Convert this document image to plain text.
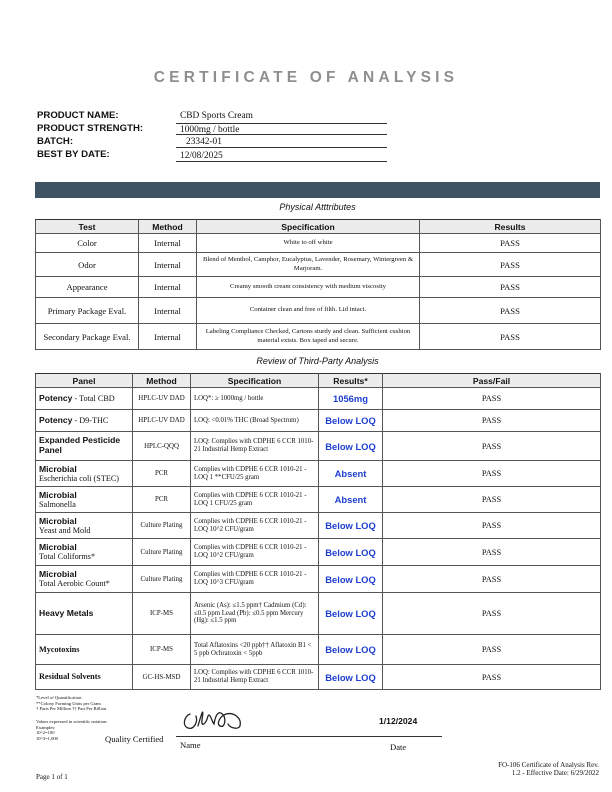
CERTIFICATE OF ANALYSIS
PRODUCT NAME:	CBD Sports Cream
PRODUCT STRENGTH:	1000mg / bottle
BATCH:	23342-01
BEST BY DATE:	12/08/2025
Physical Atttributes
Test	Method	Specification	Results
Color	Internal	White to off white	PASS
Odor	Internal	Blend of Menthol, Camphor, Eucalyptus, Lavender, Rosemary, Wintergreen & Marjoram.	PASS
Appearance	Internal	Creamy smooth cream consistency with medium viscosity	PASS
Primary Package Eval.	Internal	Container clean and free of filth. Lid intact.	PASS
Secondary Package Eval.	Internal	Labeling Compliance Checked, Cartons sturdy and clean. Sufficient cushion material exists. Box taped and secure.	PASS
Review of Third-Party Analysis
Panel	Method	Specification	Results*	Pass/Fail
Potency - Total CBD	HPLC-UV DAD	LOQ*: ≥ 1000mg / bottle	1056mg	PASS
Potency - D9-THC	HPLC-UV DAD	LOQ: <0.01% THC (Broad Spectrum)	Below LOQ	PASS
Expanded Pesticide Panel	HPLC-QQQ	LOQ: Complies with CDPHE 6 CCR 1010-21 Industrial Hemp Extract	Below LOQ	PASS

Microbial
Escherichia coli (STEC)	PCR	Complies with CDPHE 6 CCR 1010-21 - LOQ 1 **CFU/25 gram	Absent	PASS

Microbial
Salmonella	PCR	Complies with CDPHE 6 CCR 1010-21 - LOQ 1 CFU/25 gram	Absent	PASS

Microbial
Yeast and Mold	Culture Plating	Complies with CDPHE 6 CCR 1010-21 - LOQ 10^2 CFU/gram	Below LOQ	PASS

Microbial
Total Coliforms*	Culture Plating	Complies with CDPHE 6 CCR 1010-21 - LOQ 10^2 CFU/gram	Below LOQ	PASS

Microbial
Total Aerobic Count*	Culture Plating	Complies with CDPHE 6 CCR 1010-21 - LOQ 10^3 CFU/gram	Below LOQ	PASS
Heavy Metals	ICP-MS	Arsenic (As): ≤1.5 ppm† Cadmium (Cd): ≤0.5 ppm Lead (Pb): ≤0.5 ppm Mercury (Hg): ≤1.5 ppm	Below LOQ	PASS
Mycotoxins	ICP-MS	Total Aflatoxins <20 ppb†† Aflatoxin B1 < 5 ppb Ochratoxin < 5ppb	Below LOQ	PASS
Residual Solvents	GC-HS-MSD	LOQ: Complies with CDPHE 6 CCR 1010-21 Industrial Hemp Extract	Below LOQ	PASS
*Level of Quantification
**Colony Forming Units per Gram
† Parts Per Million †† Part Per Billion
Values expressed in scientific notation.
Examples:
10^2=100
10^3=1,000	Quality Certified
Name
1/12/2024
Date
Page 1 of 1
FO-106 Certificate of Analysis Rev.
1.2 - Effective Date: 6/29/2022
